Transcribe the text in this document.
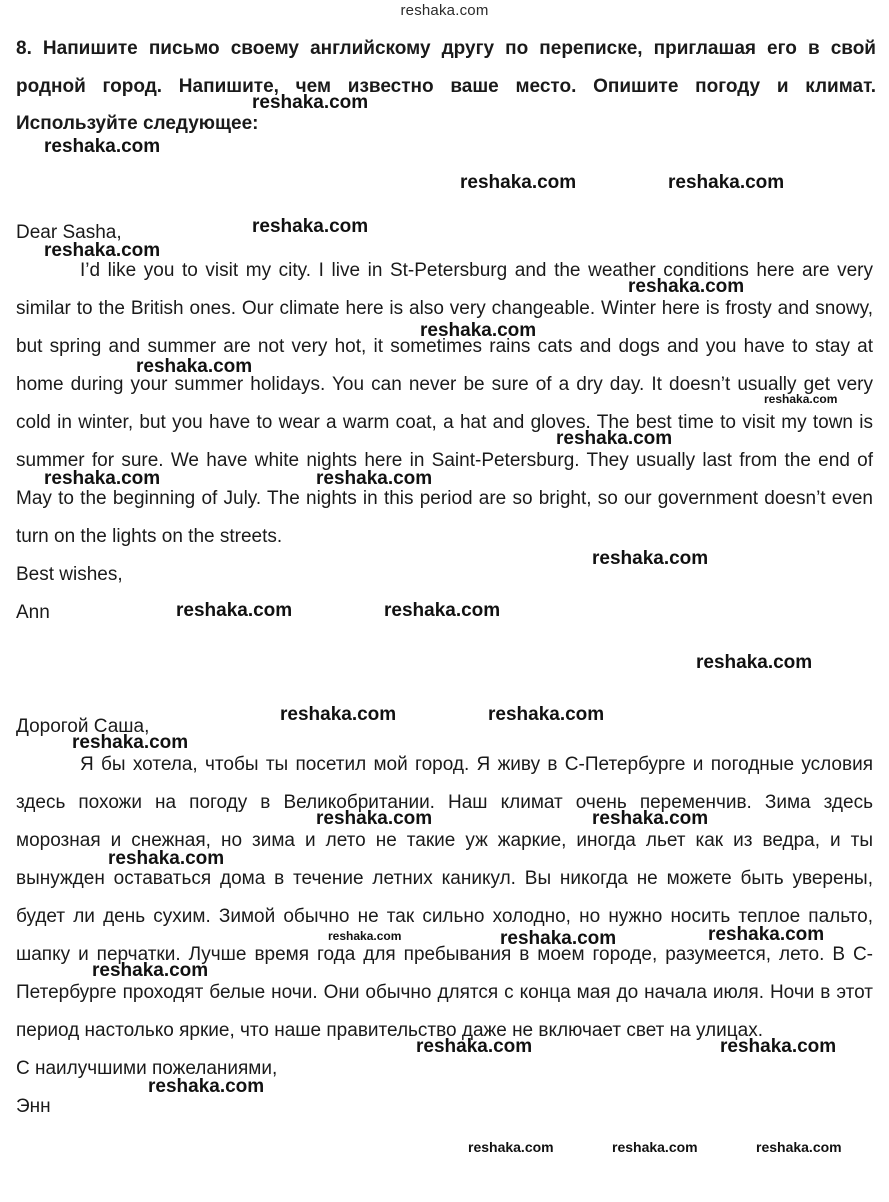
reshaka.com
8. Напишите письмо своему английскому другу по переписке, приглашая его в свой родной город. Напишите, чем известно ваше место. Опишите погоду и климат. Используйте следующее:

Dear Sasha,

I’d like you to visit my city. I live in St-Petersburg and the weather conditions here are very similar to the British ones. Our climate here is also very changeable. Winter here is frosty and snowy, but spring and summer are not very hot, it sometimes rains cats and dogs and you have to stay at home during your summer holidays. You can never be sure of a dry day. It doesn’t usually get very cold in winter, but you have to wear a warm coat, a hat and gloves. The best time to visit my town is summer for sure. We have white nights here in Saint-Petersburg. They usually last from the end of May to the beginning of July. The nights in this period are so bright, so our government doesn’t even turn on the lights on the streets.

Best wishes,

Ann

Дорогой Саша,

Я бы хотела, чтобы ты посетил мой город. Я живу в С-Петербурге и погодные условия здесь похожи на погоду в Великобритании. Наш климат очень переменчив. Зима здесь морозная и снежная, но зима и лето не такие уж жаркие, иногда льет как из ведра, и ты вынужден оставаться дома в течение летних каникул. Вы никогда не можете быть уверены, будет ли день сухим. Зимой обычно не так сильно холодно, но нужно носить теплое пальто, шапку и перчатки. Лучше время года для пребывания в моем городе, разумеется, лето. В С-Петербурге проходят белые ночи. Они обычно длятся с конца мая до начала июля. Ночи в этот период настолько яркие, что наше правительство даже не включает свет на улицах.

С наилучшими пожеланиями,

Энн

reshaka.com
reshaka.com
reshaka.com	reshaka.com
reshaka.com
reshaka.com
reshaka.com
reshaka.com
reshaka.com
reshaka.com
reshaka.com
reshaka.com	reshaka.com
reshaka.com
reshaka.com	reshaka.com
reshaka.com
reshaka.com	reshaka.com
reshaka.com
reshaka.com	reshaka.com
reshaka.com
reshaka.com	reshaka.com	reshaka.com
reshaka.com
reshaka.com	reshaka.com
reshaka.com
reshaka.com	reshaka.com	reshaka.com
